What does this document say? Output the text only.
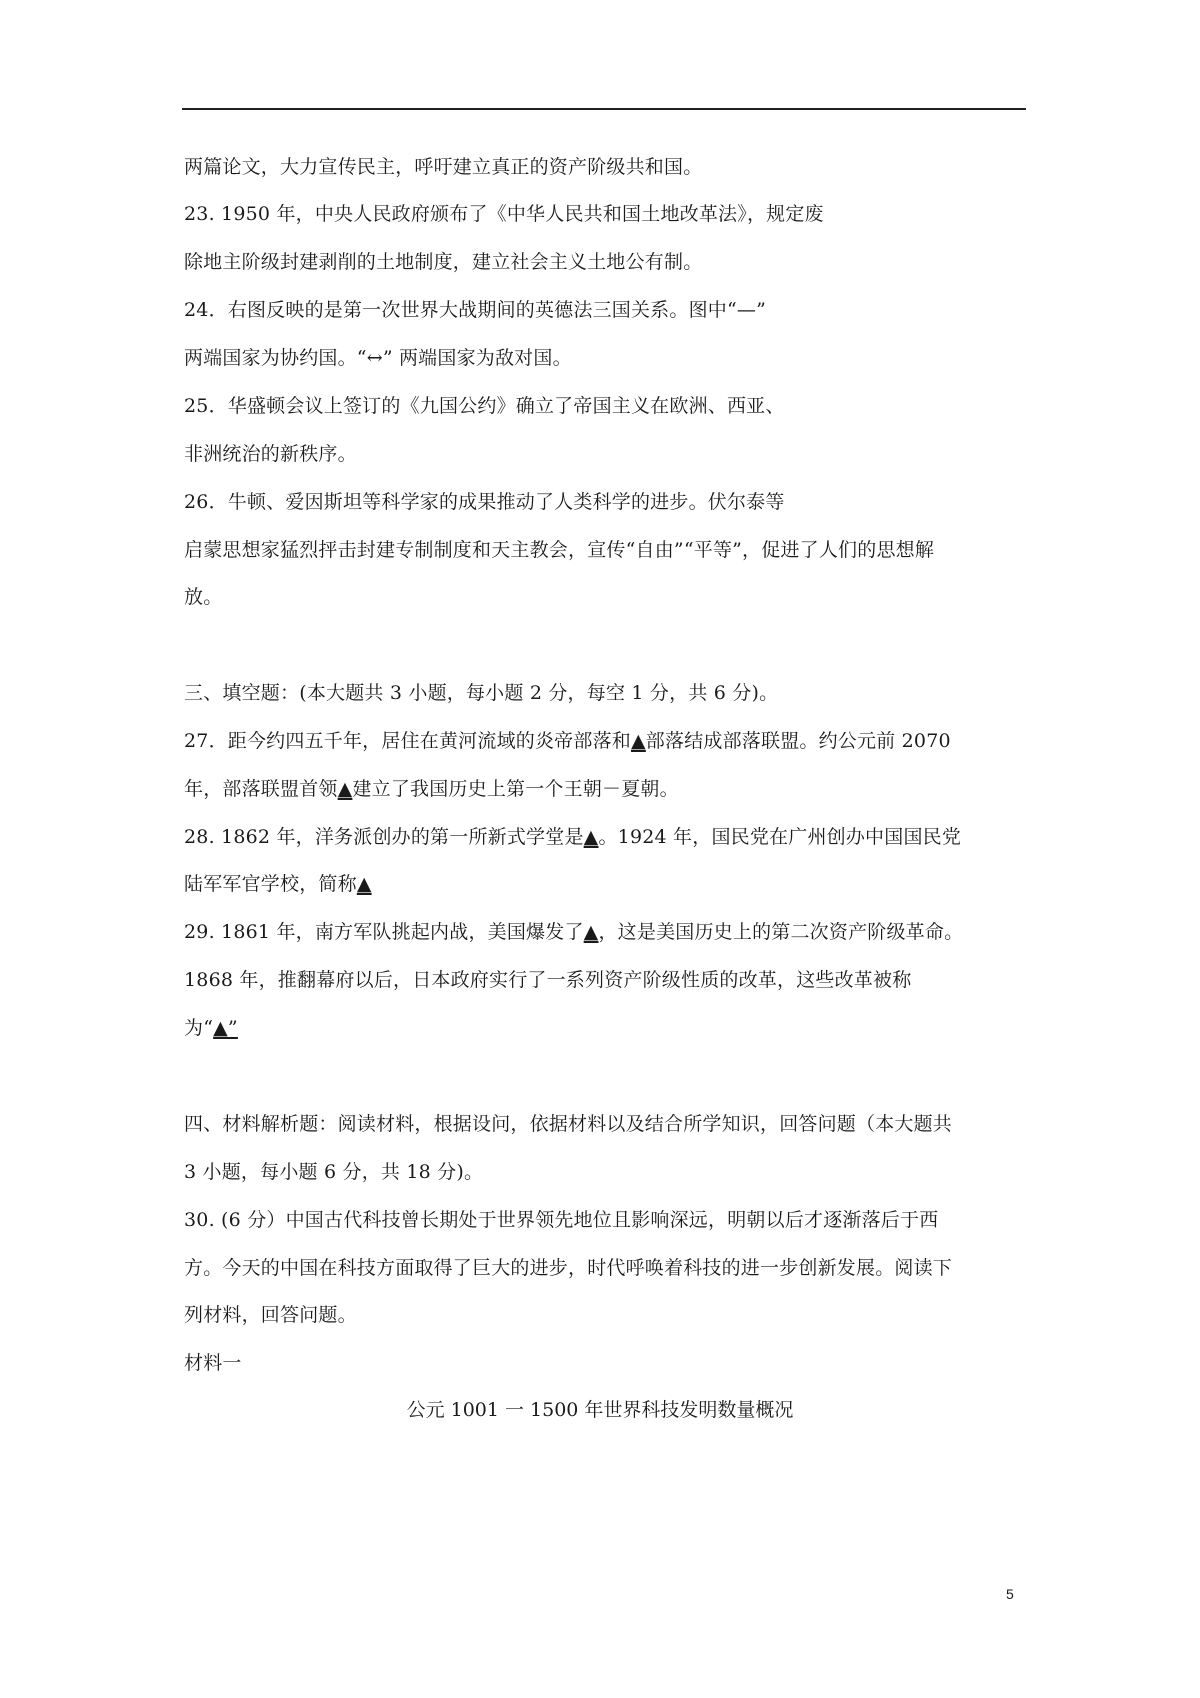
两篇论文，大力宣传民主，呼吁建立真正的资产阶级共和国。
23. 1950 年，中央人民政府颁布了《中华人民共和国土地改革法》，规定废
除地主阶级封建剥削的土地制度，建立社会主义土地公有制。
24．右图反映的是第一次世界大战期间的英德法三国关系。图中“—”
两端国家为协约国。“↔” 两端国家为敌对国。
25．华盛顿会议上签订的《九国公约》确立了帝国主义在欧洲、西亚、
非洲统治的新秩序。
26．牛顿、爱因斯坦等科学家的成果推动了人类科学的进步。伏尔泰等
启蒙思想家猛烈抨击封建专制制度和天主教会，宣传“自由”“平等”，促进了人们的思想解
放。
三、填空题：(本大题共 3 小题，每小题 2 分，每空 1 分，共 6 分)。
27．距今约四五千年，居住在黄河流域的炎帝部落和▲部落结成部落联盟。约公元前 2070
年，部落联盟首领▲建立了我国历史上第一个王朝－夏朝。
28. 1862 年，洋务派创办的第一所新式学堂是▲。1924 年，国民党在广州创办中国国民党
陆军军官学校，简称▲
29. 1861 年，南方军队挑起内战，美国爆发了▲，这是美国历史上的第二次资产阶级革命。
1868 年，推翻幕府以后，日本政府实行了一系列资产阶级性质的改革，这些改革被称
为“▲”
四、材料解析题：阅读材料，根据设问，依据材料以及结合所学知识，回答问题（本大题共
3 小题，每小题 6 分，共 18 分)。
30. (6 分）中国古代科技曾长期处于世界领先地位且影响深远，明朝以后才逐渐落后于西
方。今天的中国在科技方面取得了巨大的进步，时代呼唤着科技的进一步创新发展。阅读下
列材料，回答问题。
材料一
公元 1001 一 1500 年世界科技发明数量概况
5
